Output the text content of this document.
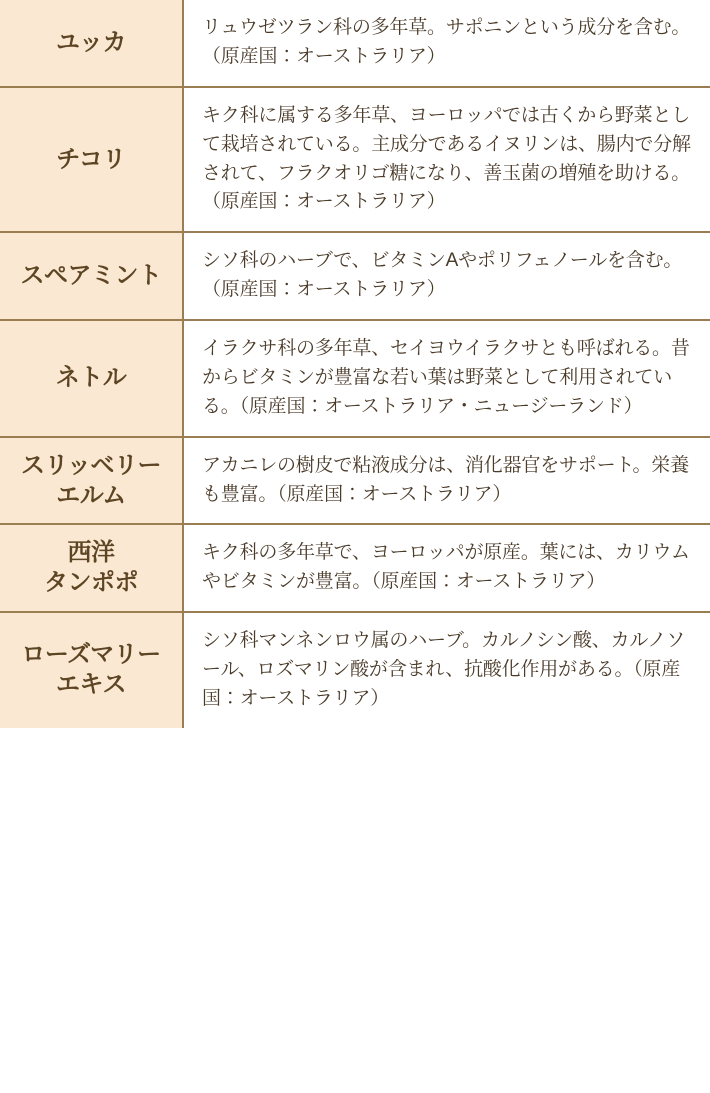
ユッカ	リュウゼツラン科の多年草。サポニンという成分を含む。（原産国：オーストラリア）

チコリ	キク科に属する多年草、ヨーロッパでは古くから野菜として栽培されている。主成分であるイヌリンは、腸内で分解されて、フラクオリゴ糖になり、善玉菌の増殖を助ける。（原産国：オーストラリア）

スペアミント	シソ科のハーブで、ビタミンAやポリフェノールを含む。（原産国：オーストラリア）

ネトル	イラクサ科の多年草、セイヨウイラクサとも呼ばれる。昔からビタミンが豊富な若い葉は野菜として利用されている。（原産国：オーストラリア・ニュージーランド）

スリッベリー
エルム	アカニレの樹皮で粘液成分は、消化器官をサポート。栄養も豊富。（原産国：オーストラリア）

西洋
タンポポ	キク科の多年草で、ヨーロッパが原産。葉には、カリウムやビタミンが豊富。（原産国：オーストラリア）

ローズマリー
エキス	シソ科マンネンロウ属のハーブ。カルノシン酸、カルノソール、ロズマリン酸が含まれ、抗酸化作用がある。（原産国：オーストラリア）
